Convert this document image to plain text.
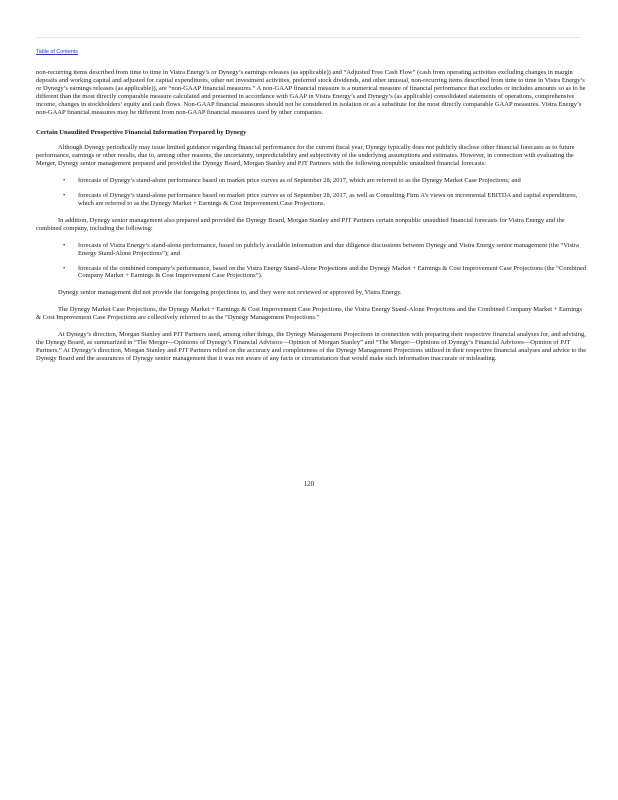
Table of Contents

non-recurring items described from time to time in Vistra Energy’s or Dynegy’s earnings releases (as applicable)) and “Adjusted Free Cash Flow” (cash from operating activities excluding changes in margin deposits and working capital and adjusted for capital expenditures, other net investment activities, preferred stock dividends, and other unusual, non-recurring items described from time to time in Vistra Energy’s or Dynegy’s earnings releases (as applicable)), are “non-GAAP financial measures.” A non-GAAP financial measure is a numerical measure of financial performance that excludes or includes amounts so as to be different than the most directly comparable measure calculated and presented in accordance with GAAP in Vistra Energy’s and Dynegy’s (as applicable) consolidated statements of operations, comprehensive income, changes in stockholders’ equity and cash flows. Non-GAAP financial measures should not be considered in isolation or as a substitute for the most directly comparable GAAP measures. Vistra Energy’s non-GAAP financial measures may be different from non-GAAP financial measures used by other companies.

Certain Unaudited Prospective Financial Information Prepared by Dynegy

Although Dynegy periodically may issue limited guidance regarding financial performance for the current fiscal year, Dynegy typically does not publicly disclose other financial forecasts as to future performance, earnings or other results, due to, among other reasons, the uncertainty, unpredictability and subjectivity of the underlying assumptions and estimates. However, in connection with evaluating the Merger, Dynegy senior management prepared and provided the Dynegy Board, Morgan Stanley and PJT Partners with the following nonpublic unaudited financial forecasts:

• forecasts of Dynegy’s stand-alone performance based on market price curves as of September 28, 2017, which are referred to as the Dynegy Market Case Projections; and
• forecasts of Dynegy’s stand-alone performance based on market price curves as of September 28, 2017, as well as Consulting Firm A’s views on incremental EBITDA and capital expenditures, which are referred to as the Dynegy Market + Earnings & Cost Improvement Case Projections.

In addition, Dynegy senior management also prepared and provided the Dynegy Board, Morgan Stanley and PJT Partners certain nonpublic unaudited financial forecasts for Vistra Energy and the combined company, including the following:

• forecasts of Vistra Energy’s stand-alone performance, based on publicly available information and due diligence discussions between Dynegy and Vistra Energy senior management (the “Vistra Energy Stand-Alone Projections”); and
• forecasts of the combined company’s performance, based on the Vistra Energy Stand-Alone Projections and the Dynegy Market + Earnings & Cost Improvement Case Projections (the “Combined Company Market + Earnings & Cost Improvement Case Projections”).

Dynegy senior management did not provide the foregoing projections to, and they were not reviewed or approved by, Vistra Energy.

The Dynegy Market Case Projections, the Dynegy Market + Earnings & Cost Improvement Case Projections, the Vistra Energy Stand-Alone Projections and the Combined Company Market + Earnings & Cost Improvement Case Projections are collectively referred to as the “Dynegy Management Projections.”

At Dynegy’s direction, Morgan Stanley and PJT Partners used, among other things, the Dynegy Management Projections in connection with preparing their respective financial analyses for, and advising, the Dynegy Board, as summarized in “The Merger—Opinions of Dynegy’s Financial Advisors—Opinion of Morgan Stanley” and “The Merger—Opinions of Dynegy’s Financial Advisors—Opinion of PJT Partners.” At Dynegy’s direction, Morgan Stanley and PJT Partners relied on the accuracy and completeness of the Dynegy Management Projections utilized in their respective financial analyses and advice to the Dynegy Board and the assurances of Dynegy senior management that it was not aware of any facts or circumstances that would make such information inaccurate or misleading.

120
